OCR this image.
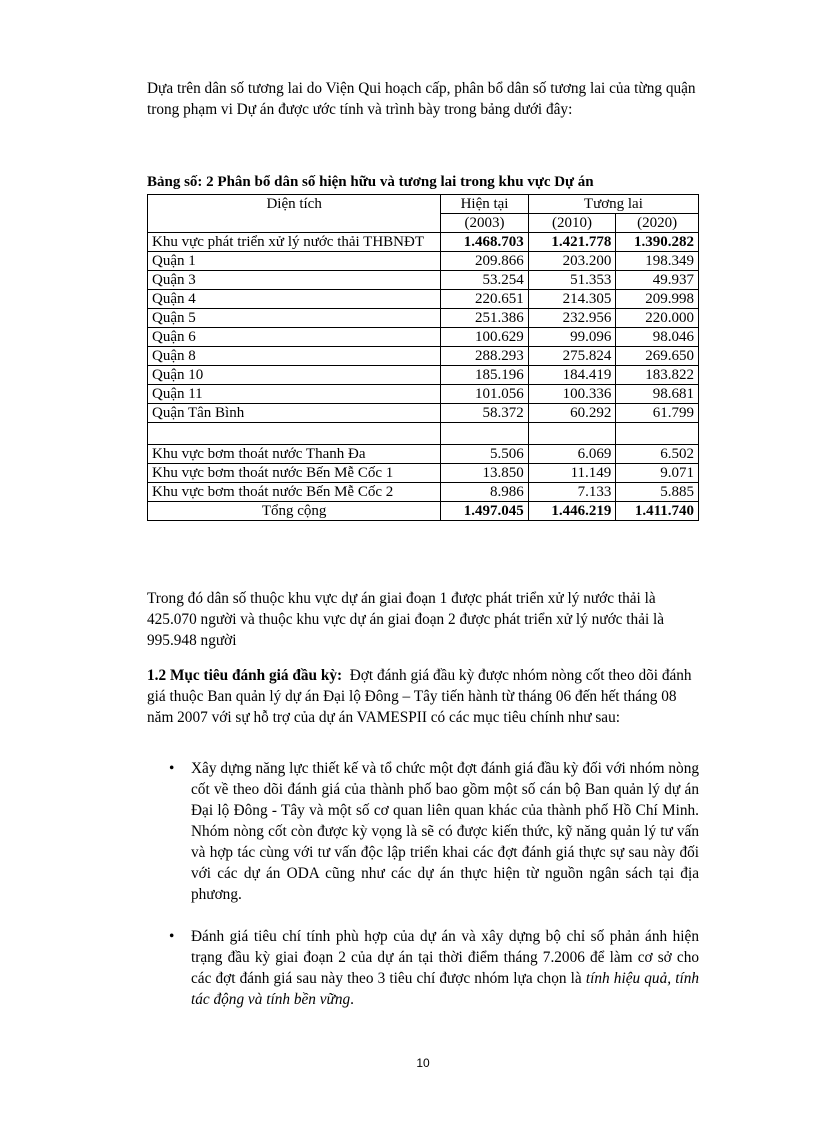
Dựa trên dân số tương lai do Viện Qui hoạch cấp, phân bổ dân số tương lai của từng quận trong phạm vi Dự án được ước tính và trình bày trong bảng dưới đây:

Bảng số: 2 Phân bổ dân số hiện hữu và tương lai trong khu vực Dự án
Diện tích	Hiện tại	Tương lai	
	(2003)	(2010)	(2020)
Khu vực phát triển xử lý nước thải THBNĐT	1.468.703	1.421.778	1.390.282
Quận 1	209.866	203.200	198.349
Quận 3	53.254	51.353	49.937
Quận 4	220.651	214.305	209.998
Quận 5	251.386	232.956	220.000
Quận 6	100.629	99.096	98.046
Quận 8	288.293	275.824	269.650
Quận 10	185.196	184.419	183.822
Quận 11	101.056	100.336	98.681
Quận Tân Bình	58.372	60.292	61.799

Khu vực bơm thoát nước Thanh Đa	5.506	6.069	6.502
Khu vực bơm thoát nước Bến Mễ Cốc 1	13.850	11.149	9.071
Khu vực bơm thoát nước Bến Mễ Cốc 2	8.986	7.133	5.885
Tổng cộng	1.497.045	1.446.219	1.411.740

Trong đó dân số thuộc khu vực dự án giai đoạn 1 được phát triển xử lý nước thải là 425.070 người và thuộc khu vực dự án giai đoạn 2 được phát triển xử lý nước thải là 995.948 người

1.2 Mục tiêu đánh giá đầu kỳ: Đợt đánh giá đầu kỳ được nhóm nòng cốt theo dõi đánh giá thuộc Ban quản lý dự án Đại lộ Đông – Tây tiến hành từ tháng 06 đến hết tháng 08 năm 2007 với sự hỗ trợ của dự án VAMESPII có các mục tiêu chính như sau:

• Xây dựng năng lực thiết kế và tổ chức một đợt đánh giá đầu kỳ đối với nhóm nòng cốt về theo dõi đánh giá của thành phố bao gồm một số cán bộ Ban quản lý dự án Đại lộ Đông - Tây và một số cơ quan liên quan khác của thành phố Hồ Chí Minh. Nhóm nòng cốt còn được kỳ vọng là sẽ có được kiến thức, kỹ năng quản lý tư vấn và hợp tác cùng với tư vấn độc lập triển khai các đợt đánh giá thực sự sau này đối với các dự án ODA cũng như các dự án thực hiện từ nguồn ngân sách tại địa phương.
• Đánh giá tiêu chí tính phù hợp của dự án và xây dựng bộ chỉ số phản ánh hiện trạng đầu kỳ giai đoạn 2 của dự án tại thời điểm tháng 7.2006 để làm cơ sở cho các đợt đánh giá sau này theo 3 tiêu chí được nhóm lựa chọn là tính hiệu quả, tính tác động và tính bền vững.
10
